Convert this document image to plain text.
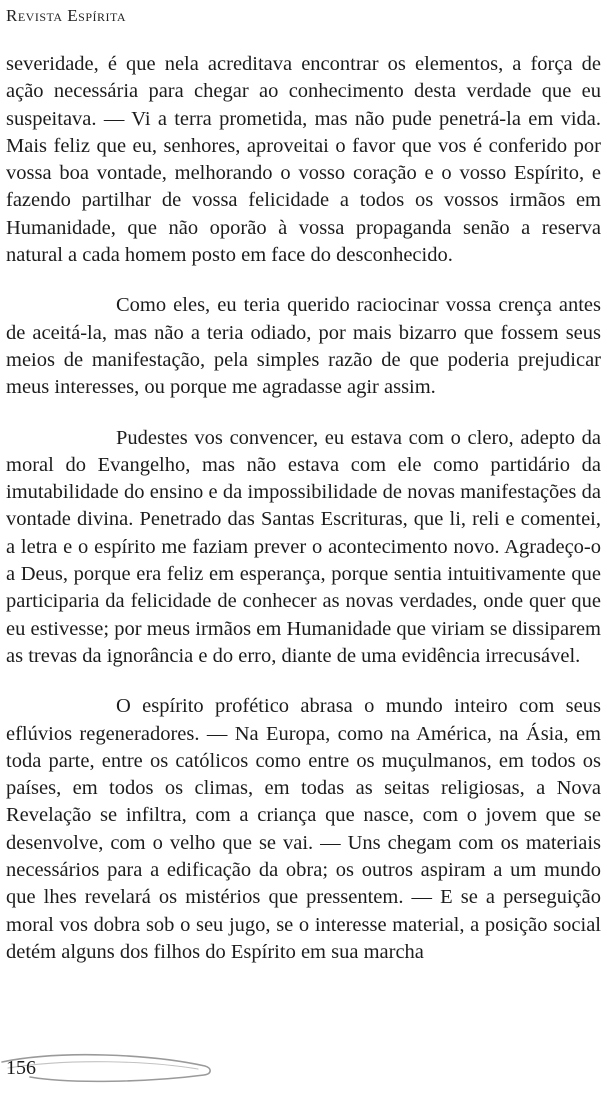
Revista Espírita

severidade, é que nela acreditava encontrar os elementos, a força de ação necessária para chegar ao conhecimento desta verdade que eu suspeitava. — Vi a terra prometida, mas não pude penetrá-la em vida. Mais feliz que eu, senhores, aproveitai o favor que vos é conferido por vossa boa vontade, melhorando o vosso coração e o vosso Espírito, e fazendo partilhar de vossa felicidade a todos os vossos irmãos em Humanidade, que não oporão à vossa propaganda senão a reserva natural a cada homem posto em face do desconhecido.

Como eles, eu teria querido raciocinar vossa crença antes de aceitá-la, mas não a teria odiado, por mais bizarro que fossem seus meios de manifestação, pela simples razão de que poderia prejudicar meus interesses, ou porque me agradasse agir assim.

Pudestes vos convencer, eu estava com o clero, adepto da moral do Evangelho, mas não estava com ele como partidário da imutabilidade do ensino e da impossibilidade de novas manifestações da vontade divina. Penetrado das Santas Escrituras, que li, reli e comentei, a letra e o espírito me faziam prever o acontecimento novo. Agradeço-o a Deus, porque era feliz em esperança, porque sentia intuitivamente que participaria da felicidade de conhecer as novas verdades, onde quer que eu estivesse; por meus irmãos em Humanidade que viriam se dissiparem as trevas da ignorância e do erro, diante de uma evidência irrecusável.

O espírito profético abrasa o mundo inteiro com seus eflúvios regeneradores. — Na Europa, como na América, na Ásia, em toda parte, entre os católicos como entre os muçulmanos, em todos os países, em todos os climas, em todas as seitas religiosas, a Nova Revelação se infiltra, com a criança que nasce, com o jovem que se desenvolve, com o velho que se vai. — Uns chegam com os materiais necessários para a edificação da obra; os outros aspiram a um mundo que lhes revelará os mistérios que pressentem. — E se a perseguição moral vos dobra sob o seu jugo, se o interesse material, a posição social detém alguns dos filhos do Espírito em sua marcha

156
